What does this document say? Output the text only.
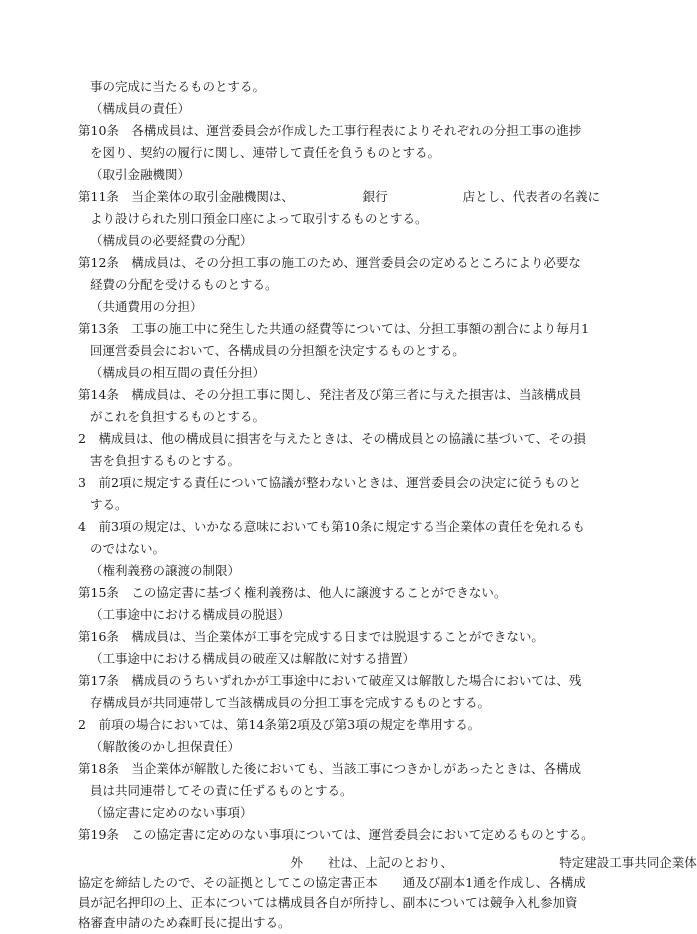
事の完成に当たるものとする。
（構成員の責任）
第10条　各構成員は、運営委員会が作成した工事行程表によりそれぞれの分担工事の進捗
を図り、契約の履行に関し、連帯して責任を負うものとする。
（取引金融機関）
第11条　当企業体の取引金融機関は、　　　　　　銀行　　　　　　店とし、代表者の名義に
より設けられた別口預金口座によって取引するものとする。
（構成員の必要経費の分配）
第12条　構成員は、その分担工事の施工のため、運営委員会の定めるところにより必要な
経費の分配を受けるものとする。
（共通費用の分担）
第13条　工事の施工中に発生した共通の経費等については、分担工事額の割合により毎月1
回運営委員会において、各構成員の分担額を決定するものとする。
（構成員の相互間の責任分担）
第14条　構成員は、その分担工事に関し、発注者及び第三者に与えた損害は、当該構成員
がこれを負担するものとする。
2　構成員は、他の構成員に損害を与えたときは、その構成員との協議に基づいて、その損
害を負担するものとする。
3　前2項に規定する責任について協議が整わないときは、運営委員会の決定に従うものと
する。
4　前3項の規定は、いかなる意味においても第10条に規定する当企業体の責任を免れるも
のではない。
（権利義務の譲渡の制限）
第15条　この協定書に基づく権利義務は、他人に譲渡することができない。
（工事途中における構成員の脱退）
第16条　構成員は、当企業体が工事を完成する日までは脱退することができない。
（工事途中における構成員の破産又は解散に対する措置）
第17条　構成員のうちいずれかが工事途中において破産又は解散した場合においては、残
存構成員が共同連帯して当該構成員の分担工事を完成するものとする。
2　前項の場合においては、第14条第2項及び第3項の規定を準用する。
（解散後のかし担保責任）
第18条　当企業体が解散した後においても、当該工事につきかしがあったときは、各構成
員は共同連帯してその責に任ずるものとする。
（協定書に定めのない事項）
第19条　この協定書に定めのない事項については、運営委員会において定めるものとする。
　　　　　　　　　　　　　　　　　外　　社は、上記のとおり、　　　　　　　　　特定建設工事共同企業体
協定を締結したので、その証拠としてこの協定書正本　　通及び副本1通を作成し、各構成
員が記名押印の上、正本については構成員各自が所持し、副本については競争入札参加資
格審査申請のため森町長に提出する。
